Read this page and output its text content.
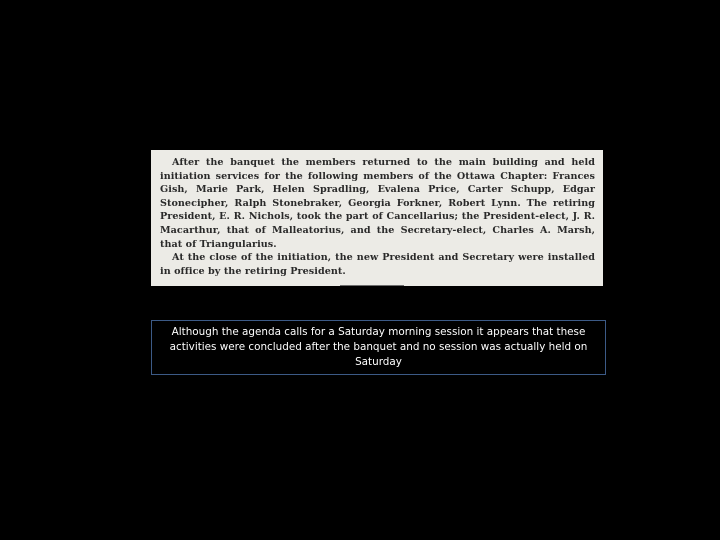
After the banquet the members returned to the main building and held initiation services for the following members of the Ottawa Chapter: Frances Gish, Marie Park, Helen Spradling, Evalena Price, Carter Schupp, Edgar Stonecipher, Ralph Stonebraker, Georgia Forkner, Robert Lynn. The retiring President, E. R. Nichols, took the part of Cancellarius; the President-elect, J. R. Macarthur, that of Malleatorius, and the Secretary-elect, Charles A. Marsh, that of Triangularius.

At the close of the initiation, the new President and Secretary were installed in office by the retiring President.

Although the agenda calls for a Saturday morning session it appears that these activities were concluded after the banquet and no session was actually held on Saturday
